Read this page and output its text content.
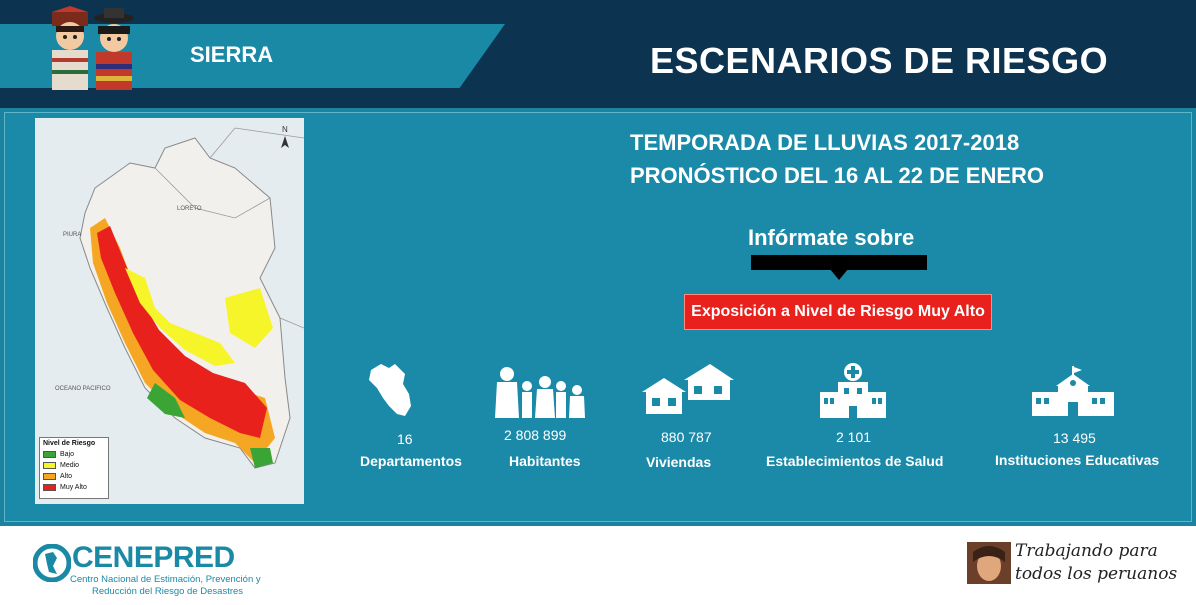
SIERRA	ESCENARIOS DE RIESGO
N
OCEANO PACIFICO
LORETO
PIURA
Nivel de Riesgo
Bajo
Medio
Alto
Muy Alto
TEMPORADA DE LLUVIAS 2017-2018
PRONÓSTICO DEL 16 AL 22 DE ENERO
Infórmate sobre
Exposición a Nivel de Riesgo Muy Alto
16
Departamentos
2 808 899
Habitantes
880 787
Viviendas
2 101
Establecimientos de Salud
13 495
Instituciones Educativas
CENEPRED
Centro Nacional de Estimación, Prevención y
Reducción del Riesgo de Desastres
Trabajando para
todos los peruanos
